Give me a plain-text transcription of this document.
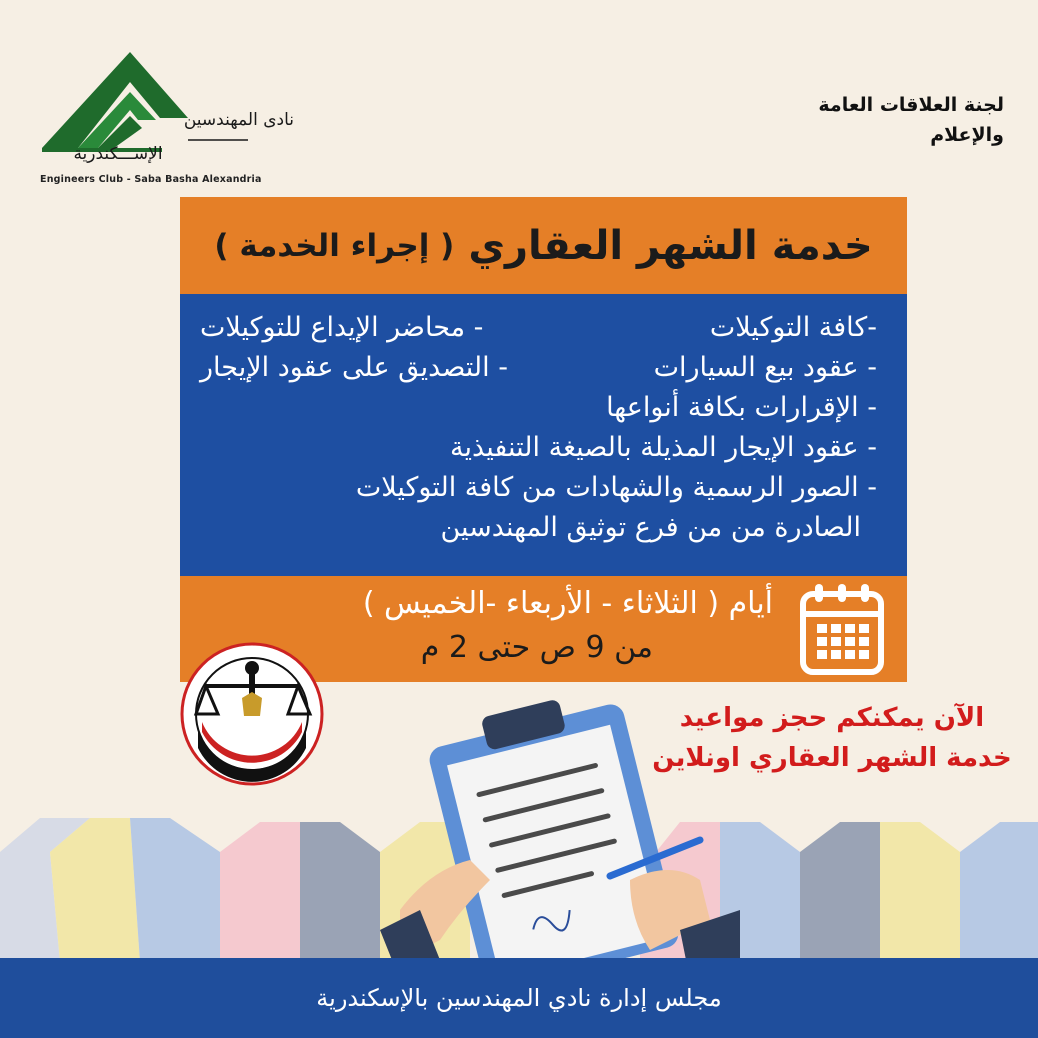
نادى المهندسين
الإســـكندرية
Engineers Club - Saba Basha Alexandria
لجنة العلاقات العامة
والإعلام
خدمة الشهر العقاري
( إجراء الخدمة )
-كافة التوكيلات
- محاضر الإيداع للتوكيلات
- عقود بيع السيارات
- التصديق على عقود الإيجار
- الإقرارات بكافة أنواعها
- عقود الإيجار المذيلة بالصيغة التنفيذية
- الصور الرسمية والشهادات من كافة التوكيلات
الصادرة من من فرع توثيق المهندسين
أيام ( الثلاثاء - الأربعاء -الخميس )
من 9 ص حتى 2 م
الآن يمكنكم حجز مواعيد
خدمة الشهر العقاري اونلاين
مجلس إدارة نادي المهندسين بالإسكندرية
